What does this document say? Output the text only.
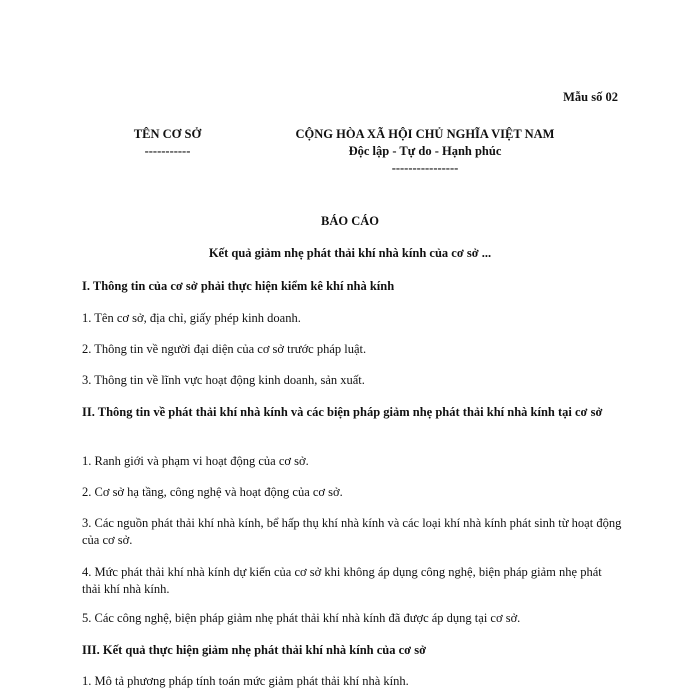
Mẫu số 02
TÊN CƠ SỞ
-----------
CỘNG HÒA XÃ HỘI CHỦ NGHĨA VIỆT NAM
Độc lập - Tự do - Hạnh phúc
----------------
BÁO CÁO
Kết quả giảm nhẹ phát thải khí nhà kính của cơ sở ...
I. Thông tin của cơ sở phải thực hiện kiểm kê khí nhà kính
1. Tên cơ sở, địa chỉ, giấy phép kinh doanh.
2. Thông tin về người đại diện của cơ sở trước pháp luật.
3. Thông tin về lĩnh vực hoạt động kinh doanh, sản xuất.
II. Thông tin về phát thải khí nhà kính và các biện pháp giảm nhẹ phát thải khí nhà kính tại cơ sở
1. Ranh giới và phạm vi hoạt động của cơ sở.
2. Cơ sở hạ tầng, công nghệ và hoạt động của cơ sở.
3. Các nguồn phát thải khí nhà kính, bể hấp thụ khí nhà kính và các loại khí nhà kính phát sinh từ hoạt động của cơ sở.
4. Mức phát thải khí nhà kính dự kiến của cơ sở khi không áp dụng công nghệ, biện pháp giảm nhẹ phát thải khí nhà kính.
5. Các công nghệ, biện pháp giảm nhẹ phát thải khí nhà kính đã được áp dụng tại cơ sở.
III. Kết quả thực hiện giảm nhẹ phát thải khí nhà kính của cơ sở
1. Mô tả phương pháp tính toán mức giảm phát thải khí nhà kính.
